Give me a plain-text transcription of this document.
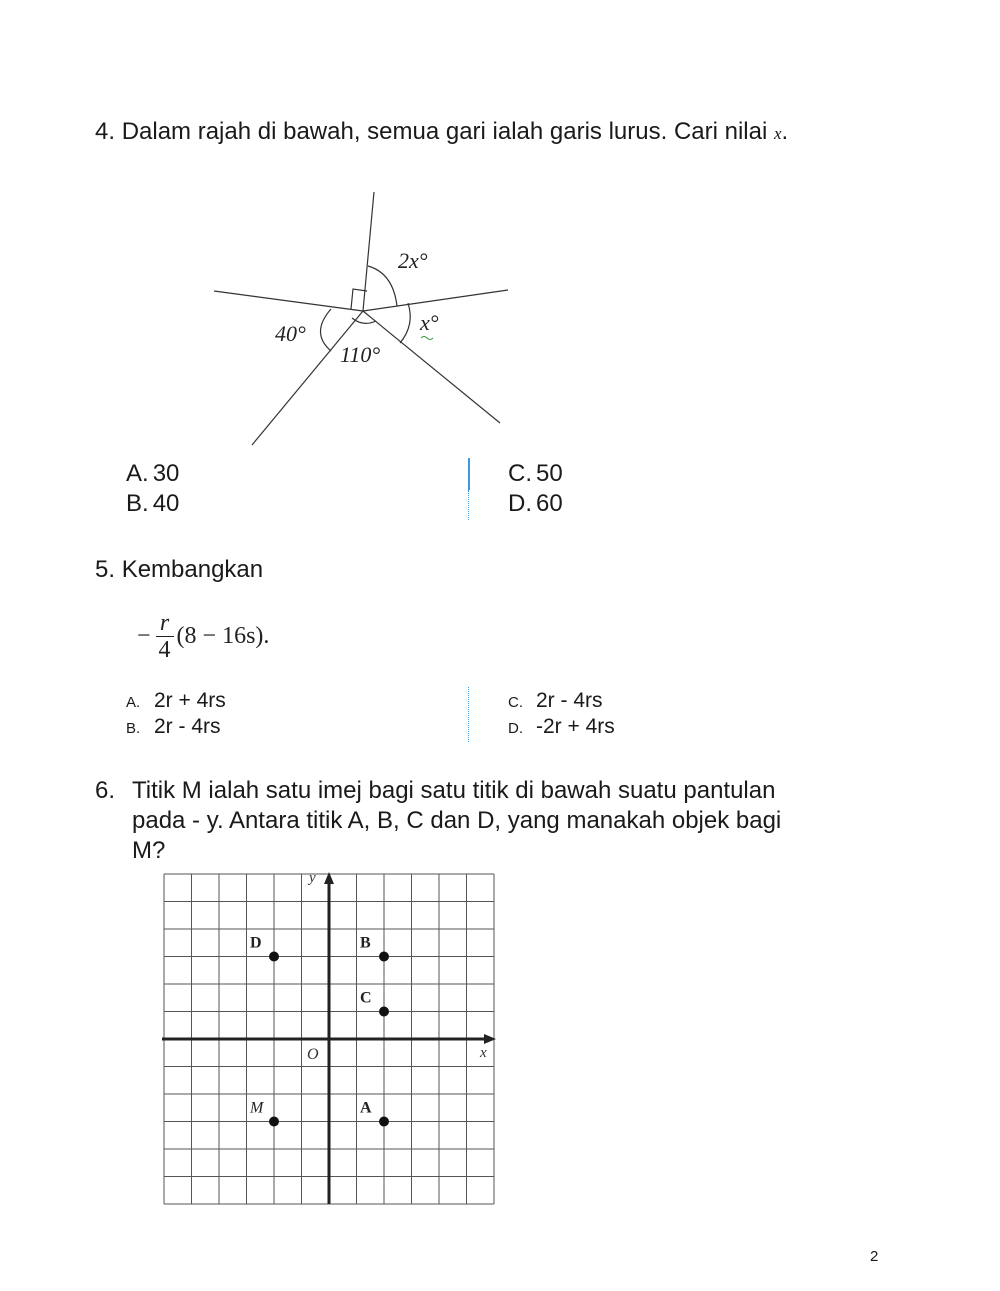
4. Dalam rajah di bawah, semua gari ialah garis lurus. Cari nilai x.
2x°
x°
40°
110°
A. 30
B. 40
C. 50
D. 60
5. Kembangkan
− $\frac{r}{4} (8 - 16s)$.
A. 2r + 4rs
B. 2r - 4rs
C. 2r - 4rs
D. -2r + 4rs
6. Titik M ialah satu imej bagi satu titik di bawah suatu pantulan
pada - y. Antara titik A, B, C dan D, yang manakah objek bagi
M?
x
y
O
D	B
C
M	A
2
